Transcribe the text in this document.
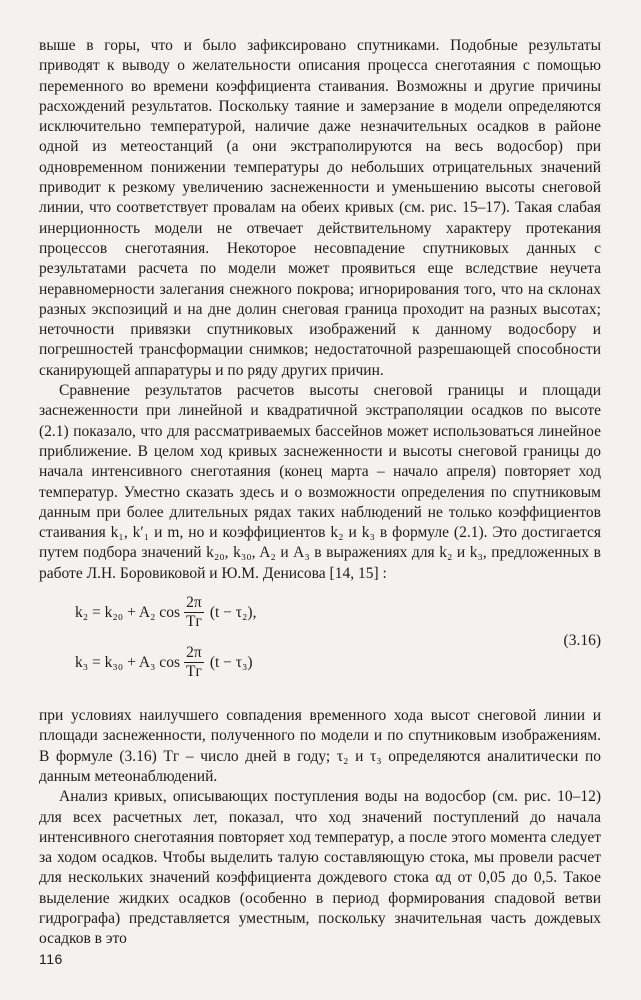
выше в горы, что и было зафиксировано спутниками. Подобные результаты приводят к выводу о желательности описания процесса снеготаяния с помощью переменного во времени коэффициента стаивания. Возможны и другие причины расхождений результатов. Поскольку таяние и замерзание в модели определяются исключительно температурой, наличие даже незначительных осадков в районе одной из метеостанций (а они экстраполируются на весь водосбор) при одновременном понижении температуры до небольших отрицательных значений приводит к резкому увеличению заснеженности и уменьшению высоты снеговой линии, что соответствует провалам на обеих кривых (см. рис. 15–17). Такая слабая инерционность модели не отвечает действительному характеру протекания процессов снеготаяния. Некоторое несовпадение спутниковых данных с результатами расчета по модели может проявиться еще вследствие неучета неравномерности залегания снежного покрова; игнорирования того, что на склонах разных экспозиций и на дне долин снеговая граница проходит на разных высотах; неточности привязки спутниковых изображений к данному водосбору и погрешностей трансформации снимков; недостаточной разрешающей способности сканирующей аппаратуры и по ряду других причин.

Сравнение результатов расчетов высоты снеговой границы и площади заснеженности при линейной и квадратичной экстраполяции осадков по высоте (2.1) показало, что для рассматриваемых бассейнов может использоваться линейное приближение. В целом ход кривых заснеженности и высоты снеговой границы до начала интенсивного снеготаяния (конец марта – начало апреля) повторяет ход температур. Уместно сказать здесь и о возможности определения по спутниковым данным при более длительных рядах таких наблюдений не только коэффициентов стаивания k₁, k′₁ и m, но и коэффициентов k₂ и k₃ в формуле (2.1). Это достигается путем подбора значений k₂₀, k₃₀, A₂ и A₃ в выражениях для k₂ и k₃, предложенных в работе Л.Н. Боровиковой и Ю.М. Денисова [14, 15] :

k₂ = k₂₀ + A₂ $\cos \frac{2\pi}{Tг} (t - \tau_2)$,
k₃ = k₃₀ + A₃ $\cos \frac{2\pi}{Tг} (t - \tau_3)$
(3.16)

при условиях наилучшего совпадения временного хода высот снеговой линии и площади заснеженности, полученного по модели и по спутниковым изображениям. В формуле (3.16) Tг – число дней в году; τ₂ и τ₃ определяются аналитически по данным метеонаблюдений.

Анализ кривых, описывающих поступления воды на водосбор (см. рис. 10–12) для всех расчетных лет, показал, что ход значений поступлений до начала интенсивного снеготаяния повторяет ход температур, а после этого момента следует за ходом осадков. Чтобы выделить талую составляющую стока, мы провели расчет для нескольких значений коэффициента дождевого стока αд от 0,05 до 0,5. Такое выделение жидких осадков (особенно в период формирования спадовой ветви гидрографа) представляется уместным, поскольку значительная часть дождевых осадков в это

116
